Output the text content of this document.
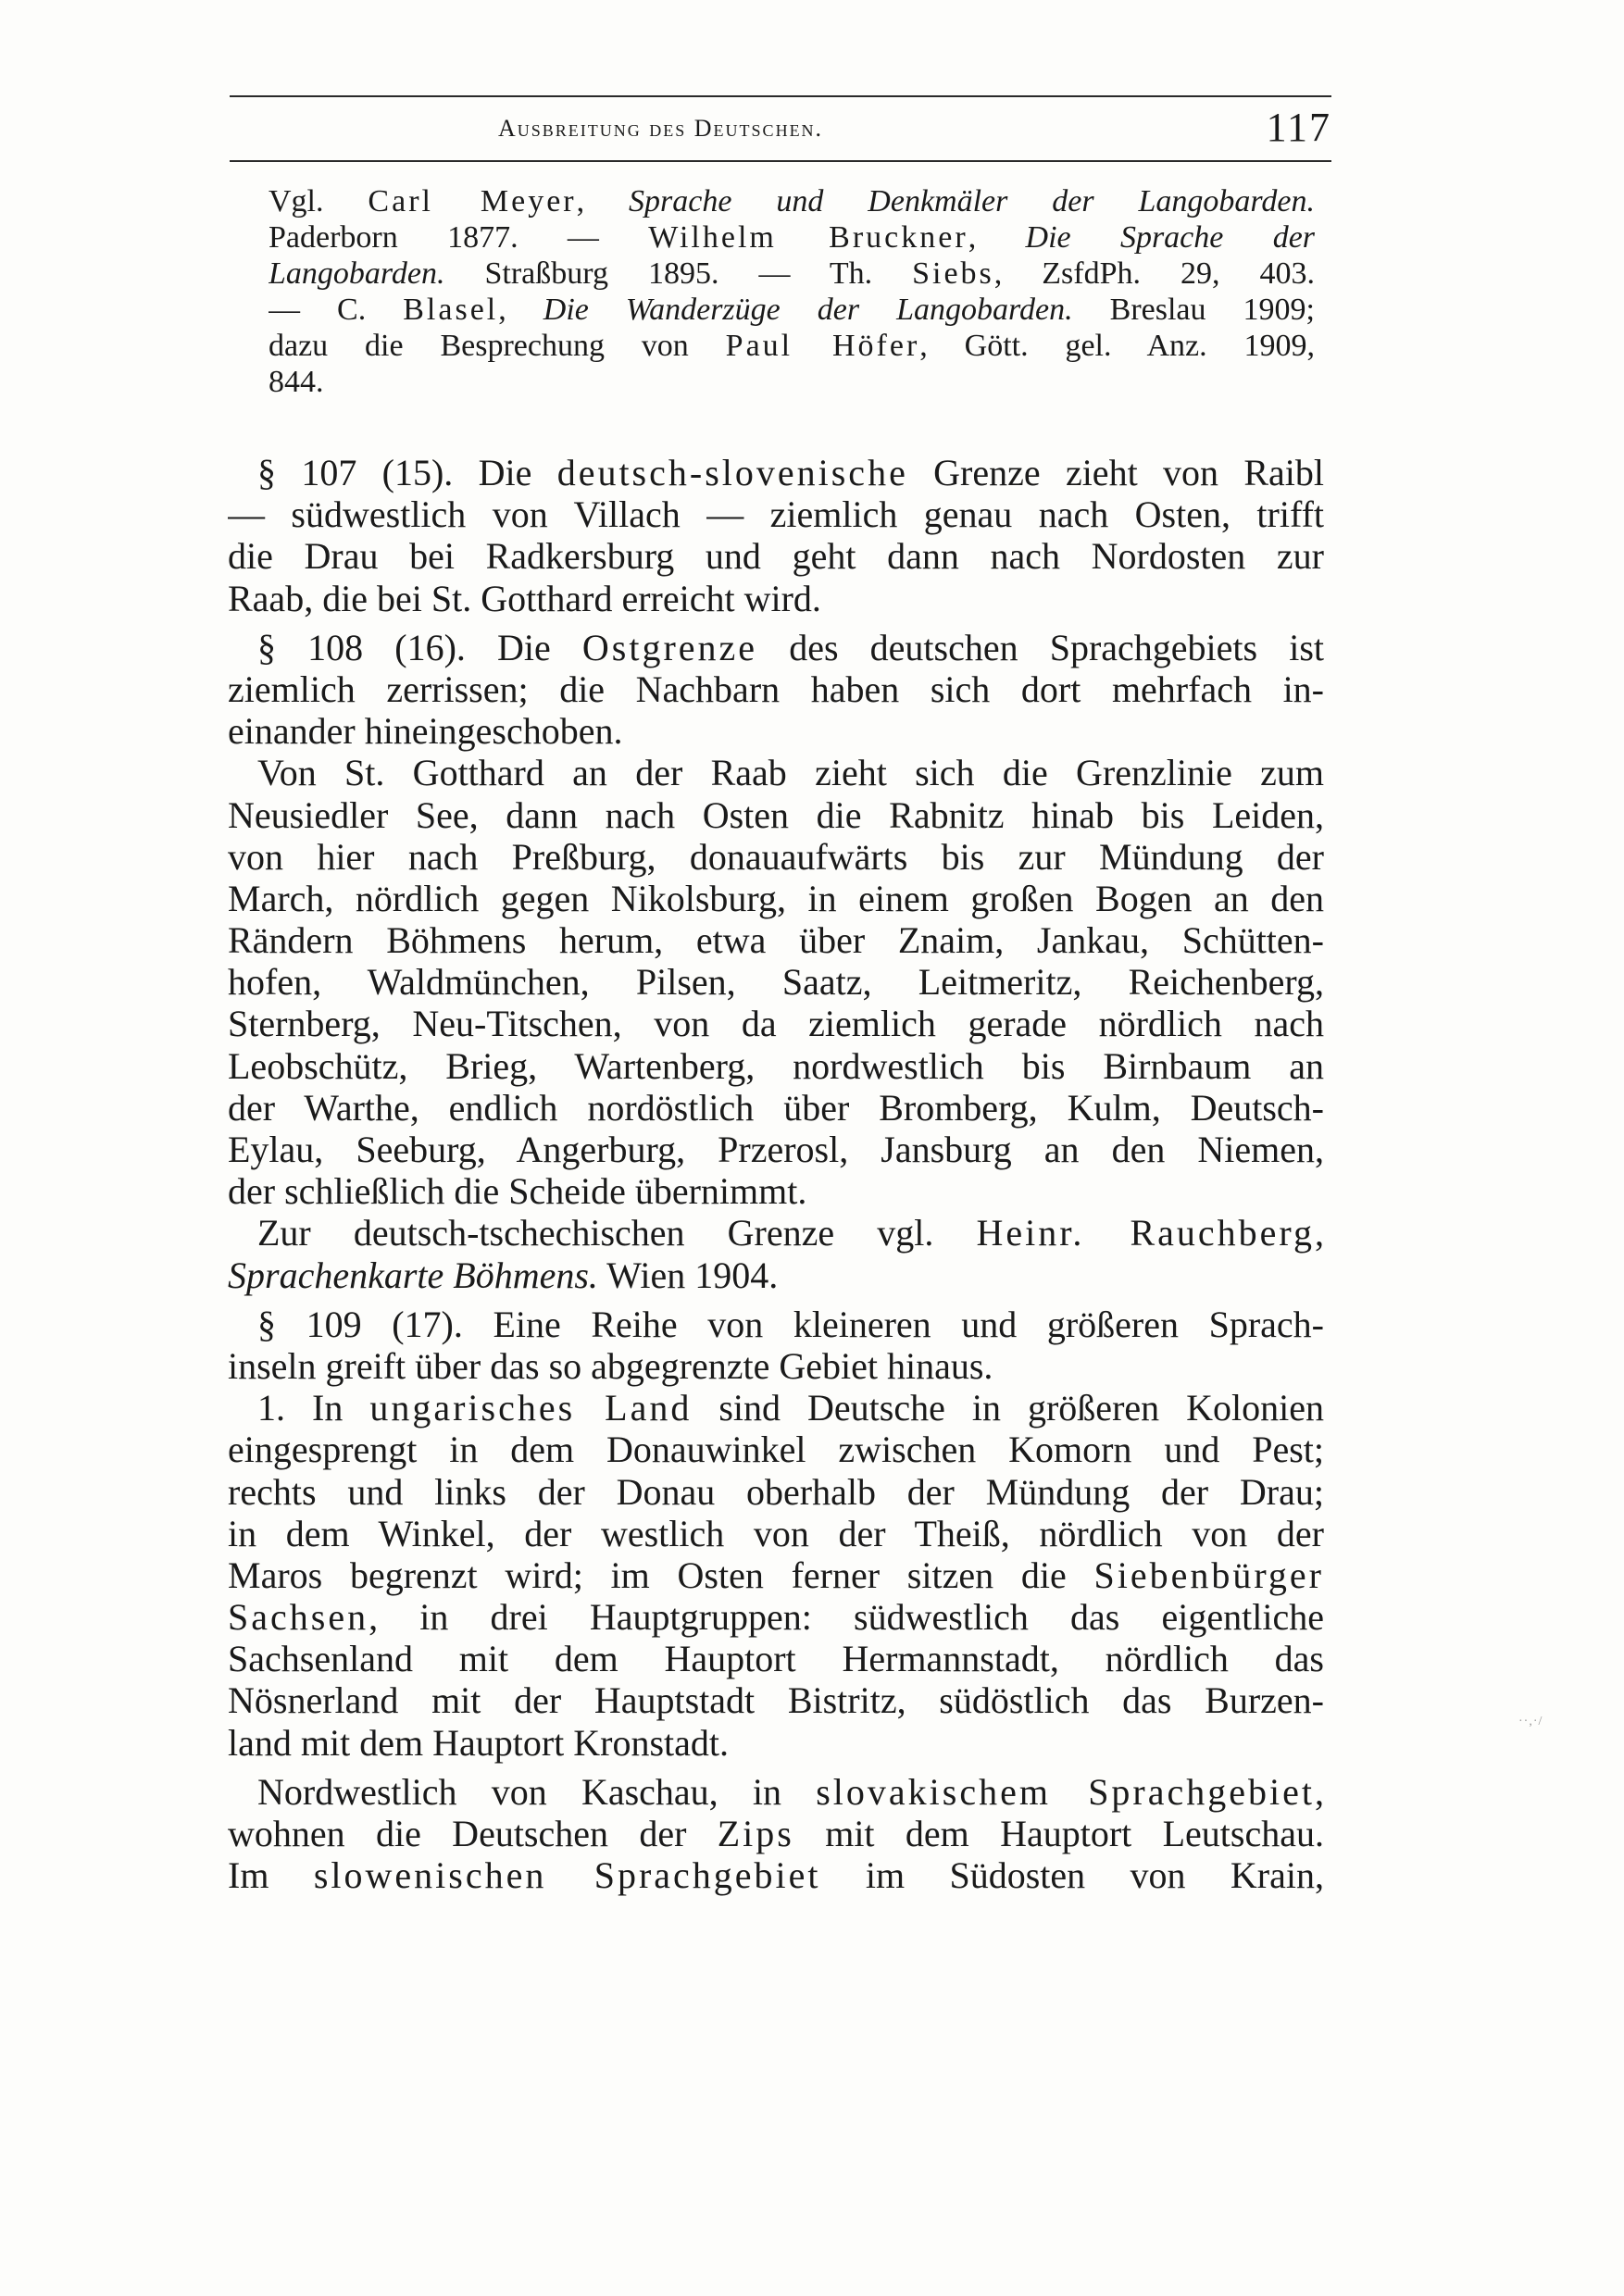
Ausbreitung des Deutschen.	117
Vgl. Carl Meyer, Sprache und Denkmäler der Langobarden.
Paderborn 1877. — Wilhelm Bruckner, Die Sprache der
Langobarden. Straßburg 1895. — Th. Siebs, ZsfdPh. 29, 403.
— C. Blasel, Die Wanderzüge der Langobarden. Breslau 1909;
dazu die Besprechung von Paul Höfer, Gött. gel. Anz. 1909,
844.
§ 107 (15). Die deutsch-slovenische Grenze zieht von Raibl
— südwestlich von Villach — ziemlich genau nach Osten, trifft
die Drau bei Radkersburg und geht dann nach Nordosten zur
Raab, die bei St. Gotthard erreicht wird.
§ 108 (16). Die Ostgrenze des deutschen Sprachgebiets ist
ziemlich zerrissen; die Nachbarn haben sich dort mehrfach in-
einander hineingeschoben.
Von St. Gotthard an der Raab zieht sich die Grenzlinie zum
Neusiedler See, dann nach Osten die Rabnitz hinab bis Leiden,
von hier nach Preßburg, donauaufwärts bis zur Mündung der
March, nördlich gegen Nikolsburg, in einem großen Bogen an den
Rändern Böhmens herum, etwa über Znaim, Jankau, Schütten-
hofen, Waldmünchen, Pilsen, Saatz, Leitmeritz, Reichenberg,
Sternberg, Neu-Titschen, von da ziemlich gerade nördlich nach
Leobschütz, Brieg, Wartenberg, nordwestlich bis Birnbaum an
der Warthe, endlich nordöstlich über Bromberg, Kulm, Deutsch-
Eylau, Seeburg, Angerburg, Przerosl, Jansburg an den Niemen,
der schließlich die Scheide übernimmt.
Zur deutsch-tschechischen Grenze vgl. Heinr. Rauchberg,
Sprachenkarte Böhmens. Wien 1904.
§ 109 (17). Eine Reihe von kleineren und größeren Sprach-
inseln greift über das so abgegrenzte Gebiet hinaus.
1. In ungarisches Land sind Deutsche in größeren Kolonien
eingesprengt in dem Donauwinkel zwischen Komorn und Pest;
rechts und links der Donau oberhalb der Mündung der Drau;
in dem Winkel, der westlich von der Theiß, nördlich von der
Maros begrenzt wird; im Osten ferner sitzen die Siebenbürger
Sachsen, in drei Hauptgruppen: südwestlich das eigentliche
Sachsenland mit dem Hauptort Hermannstadt, nördlich das
Nösnerland mit der Hauptstadt Bistritz, südöstlich das Burzen-
land mit dem Hauptort Kronstadt.
Nordwestlich von Kaschau, in slovakischem Sprachgebiet,
wohnen die Deutschen der Zips mit dem Hauptort Leutschau.
Im slowenischen Sprachgebiet im Südosten von Krain,
··,·/
